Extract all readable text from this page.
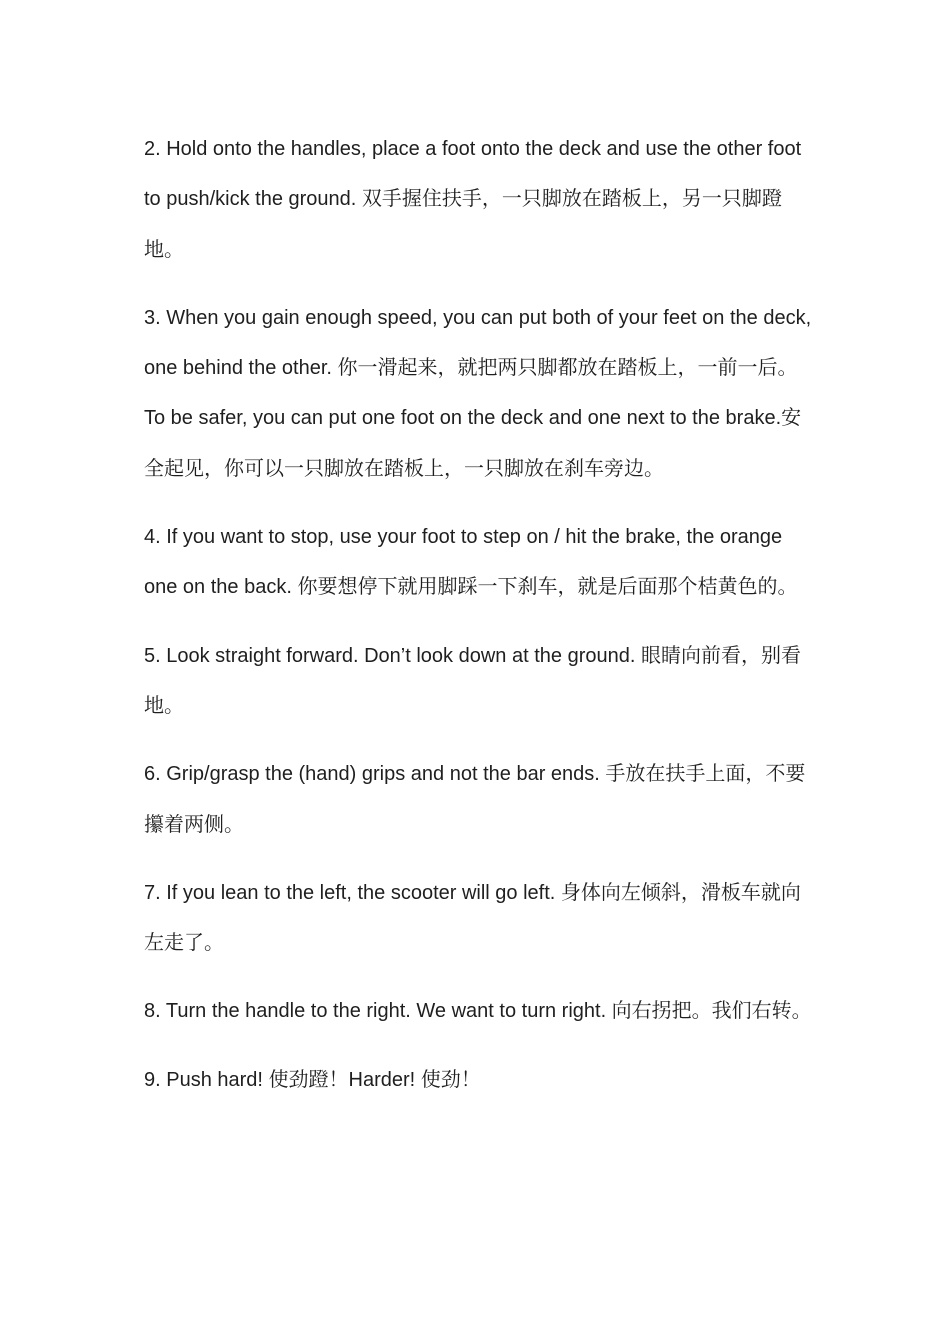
2. Hold onto the handles, place a foot onto the deck and use the other foot to push/kick the ground. 双手握住扶手，一只脚放在踏板上，另一只脚蹬地。

3. When you gain enough speed, you can put both of your feet on the deck, one behind the other. 你一滑起来，就把两只脚都放在踏板上，一前一后。To be safer, you can put one foot on the deck and one next to the brake.安全起见，你可以一只脚放在踏板上，一只脚放在刹车旁边。

4. If you want to stop, use your foot to step on / hit the brake, the orange one on the back. 你要想停下就用脚踩一下刹车，就是后面那个桔黄色的。

5. Look straight forward. Don’t look down at the ground. 眼睛向前看，别看地。

6. Grip/grasp the (hand) grips and not the bar ends. 手放在扶手上面，不要攥着两侧。

7. If you lean to the left, the scooter will go left. 身体向左倾斜，滑板车就向左走了。

8. Turn the handle to the right. We want to turn right. 向右拐把。我们右转。

9. Push hard! 使劲蹬！Harder! 使劲！
